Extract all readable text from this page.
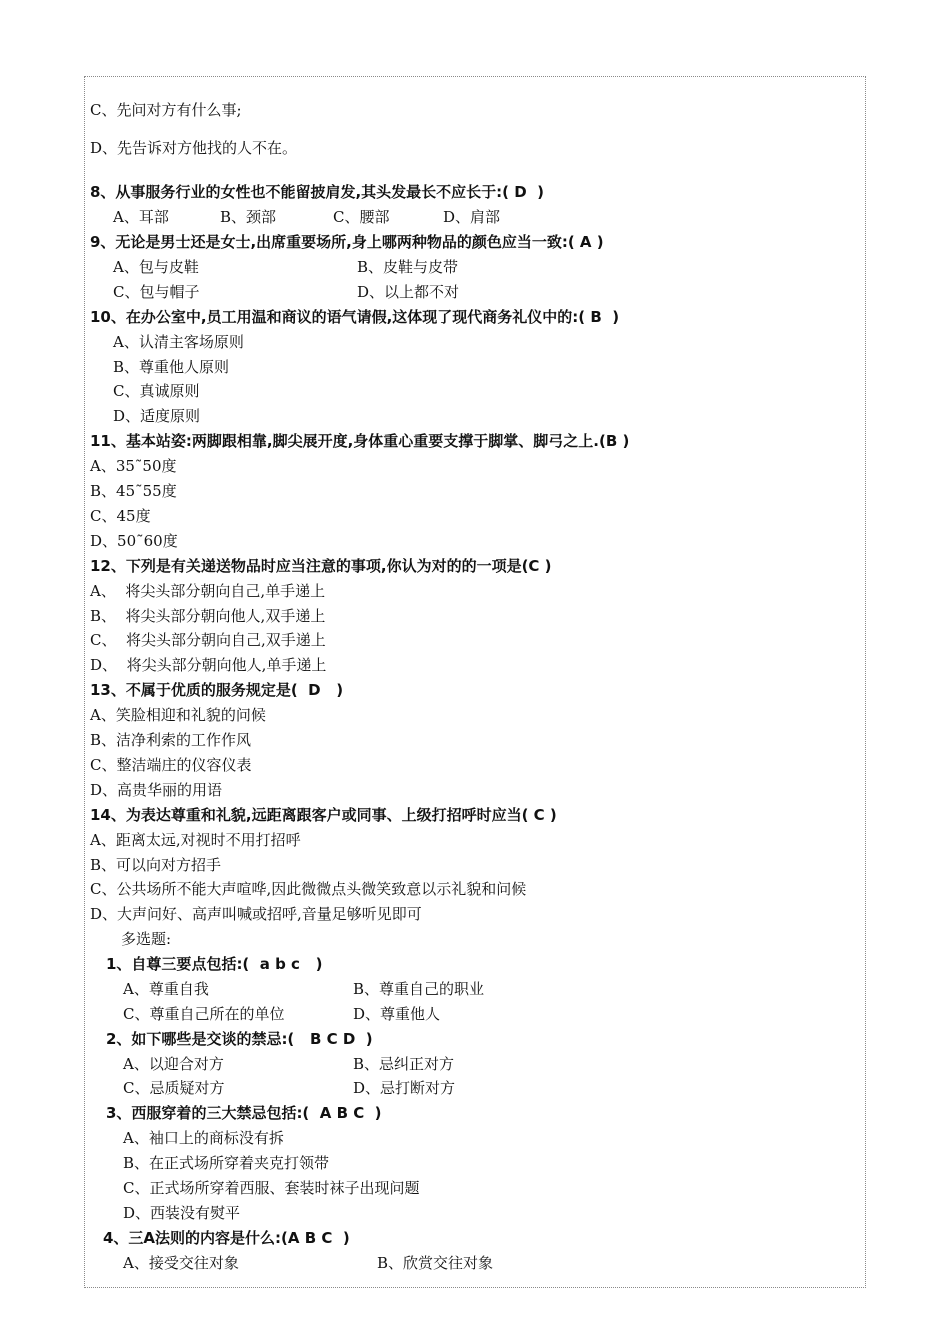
C、先问对方有什么事;
D、先告诉对方他找的人不在。
8、从事服务行业的女性也不能留披肩发,其头发最长不应长于:( D  )
A、耳部	B、颈部	C、腰部	D、肩部
9、无论是男士还是女士,出席重要场所,身上哪两种物品的颜色应当一致:( A )
A、包与皮鞋	B、皮鞋与皮带
C、包与帽子	D、以上都不对
10、在办公室中,员工用温和商议的语气请假,这体现了现代商务礼仪中的:( B  )
A、认清主客场原则
B、尊重他人原则
C、真诚原则
D、适度原则
11、基本站姿:两脚跟相靠,脚尖展开度,身体重心重要支撑于脚掌、脚弓之上.(B )
A、35˜50度
B、45˜55度
C、45度
D、50˜60度
12、下列是有关递送物品时应当注意的事项,你认为对的的一项是(C )
A、  将尖头部分朝向自己,单手递上
B、  将尖头部分朝向他人,双手递上
C、  将尖头部分朝向自己,双手递上
D、  将尖头部分朝向他人,单手递上
13、不属于优质的服务规定是(  D   )
A、笑脸相迎和礼貌的问候
B、洁净利索的工作作风
C、整洁端庄的仪容仪表
D、高贵华丽的用语
14、为表达尊重和礼貌,远距离跟客户或同事、上级打招呼时应当( C )
A、距离太远,对视时不用打招呼
B、可以向对方招手
C、公共场所不能大声喧哗,因此微微点头微笑致意以示礼貌和问候
D、大声问好、高声叫喊或招呼,音量足够听见即可
多选题:
1、自尊三要点包括:(  a b c   )
A、尊重自我	B、尊重自己的职业
C、尊重自己所在的单位	D、尊重他人
2、如下哪些是交谈的禁忌:(   B C D  )
A、以迎合对方	B、忌纠正对方
C、忌质疑对方	D、忌打断对方
3、西服穿着的三大禁忌包括:(  A B C  )
A、袖口上的商标没有拆
B、在正式场所穿着夹克打领带
C、正式场所穿着西服、套装时袜子出现问题
D、西装没有熨平
4、三A法则的内容是什么:(A B C  )
A、接受交往对象	B、欣赏交往对象
